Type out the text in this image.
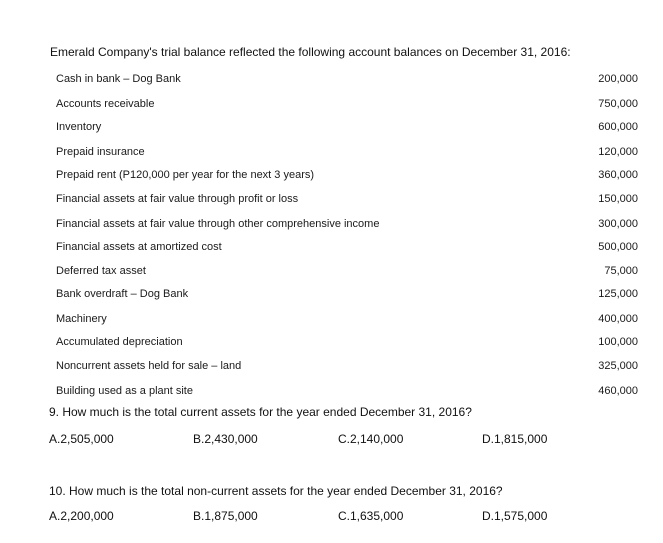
Emerald Company's trial balance reflected the following account balances on December 31, 2016:
Cash in bank – Dog Bank	200,000
Accounts receivable	750,000
Inventory	600,000
Prepaid insurance	120,000
Prepaid rent (P120,000 per year for the next 3 years)	360,000
Financial assets at fair value through profit or loss	150,000
Financial assets at fair value through other comprehensive income	300,000
Financial assets at amortized cost	500,000
Deferred tax asset	75,000
Bank overdraft – Dog Bank	125,000
Machinery	400,000
Accumulated depreciation	100,000
Noncurrent assets held for sale – land	325,000
Building used as a plant site	460,000
9. How much is the total current assets for the year ended December 31, 2016?
A.2,505,000	B.2,430,000	C.2,140,000	D.1,815,000
10. How much is the total non-current assets for the year ended December 31, 2016?
A.2,200,000	B.1,875,000	C.1,635,000	D.1,575,000
